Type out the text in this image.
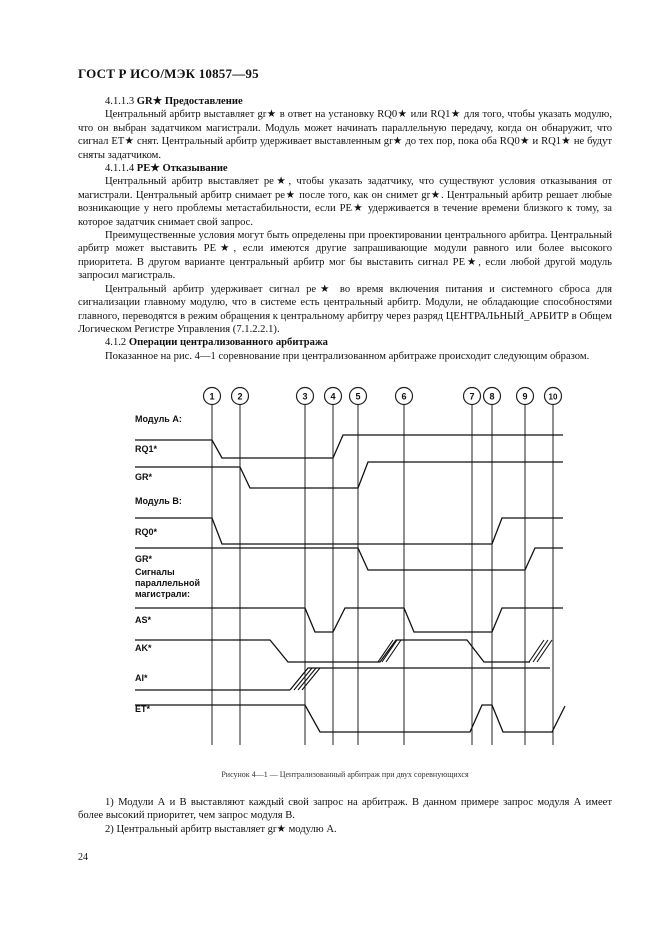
ГОСТ Р ИСО/МЭК 10857—95
4.1.1.3 GR★ Предоставление
Центральный арбитр выставляет gr★ в ответ на установку RQ0★ или RQ1★ для того, чтобы указать модулю, что он выбран задатчиком магистрали. Модуль может начинать параллельную передачу, когда он обнаружит, что сигнал ET★ снят. Центральный арбитр удерживает выставленным gr★ до тех пор, пока оба RQ0★ и RQ1★ не будут сняты задатчиком.
4.1.1.4 PE★ Отказывание
Центральный арбитр выставляет pe★, чтобы указать задатчику, что существуют условия отказывания от магистрали. Центральный арбитр снимает pe★ после того, как он снимет gr★. Центральный арбитр решает любые возникающие у него проблемы метастабильности, если PE★ удерживается в течение времени близкого к тому, за которое задатчик снимает свой запрос.
Преимущественные условия могут быть определены при проектировании центрального арбитра. Центральный арбитр может выставить PE★, если имеются другие запрашивающие модули равного или более высокого приоритета. В другом варианте центральный арбитр мог бы выставить сигнал PE★, если любой другой модуль запросил магистраль.
Центральный арбитр удерживает сигнал pe★ во время включения питания и системного сброса для сигнализации главному модулю, что в системе есть центральный арбитр. Модули, не обладающие способностями главного, переводятся в режим обращения к центральному арбитру через разряд ЦЕНТРАЛЬНЫЙ_АРБИТР в Общем Логическом Регистре Управления (7.1.2.2.1).
4.1.2 Операции централизованного арбитража
Показанное на рис. 4—1 соревнование при централизованном арбитраже происходит следующим образом.
1	2	3	4 5	6	7 8	9	10
Модуль А:
RQ1*
GR*
Модуль В:
RQ0*
GR*
Сигналы
параллельной
магистрали:
AS*
AK*
AI*
ET*
Рисунок 4—1 — Централизованный арбитраж при двух соревнующихся
1) Модули А и В выставляют каждый свой запрос на арбитраж. В данном примере запрос модуля А имеет более высокий приоритет, чем запрос модуля В.
2) Центральный арбитр выставляет gr★ модулю А.
24
